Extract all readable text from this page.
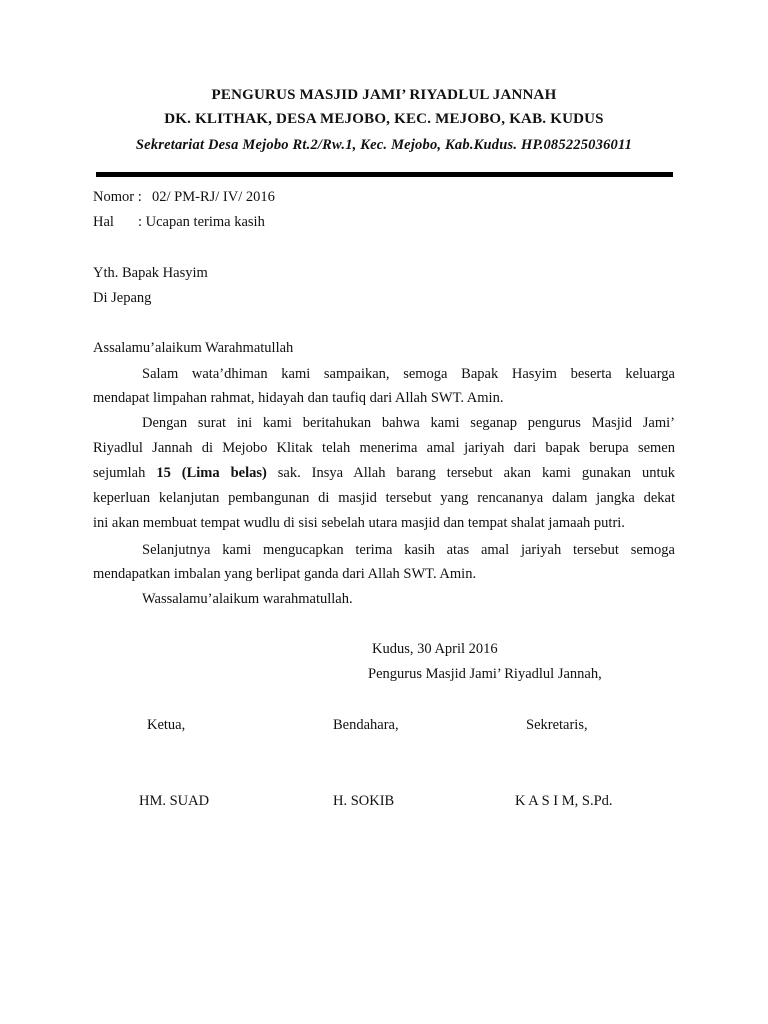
PENGURUS MASJID JAMI’ RIYADLUL JANNAH
DK. KLITHAK, DESA MEJOBO, KEC. MEJOBO, KAB. KUDUS
Sekretariat Desa Mejobo Rt.2/Rw.1, Kec. Mejobo, Kab.Kudus. HP.085225036011
Nomor : 02/ PM-RJ/ IV/ 2016
Hal : Ucapan terima kasih
Yth. Bapak Hasyim
Di Jepang
Assalamu’alaikum Warahmatullah
Salam wata’dhiman kami sampaikan, semoga Bapak Hasyim beserta keluarga
mendapat limpahan rahmat, hidayah dan taufiq dari Allah SWT. Amin.
Dengan surat ini kami beritahukan bahwa kami seganap pengurus Masjid Jami’
Riyadlul Jannah di Mejobo Klitak telah menerima amal jariyah dari bapak berupa semen
sejumlah 15 (Lima belas) sak. Insya Allah barang tersebut akan kami gunakan untuk
keperluan kelanjutan pembangunan di masjid tersebut yang rencananya dalam jangka dekat
ini akan membuat tempat wudlu di sisi sebelah utara masjid dan tempat shalat jamaah putri.
Selanjutnya kami mengucapkan terima kasih atas amal jariyah tersebut semoga
mendapatkan imbalan yang berlipat ganda dari Allah SWT. Amin.
Wassalamu’alaikum warahmatullah.
Kudus, 30 April 2016
Pengurus Masjid Jami’ Riyadlul Jannah,
Ketua,	Bendahara,	Sekretaris,
HM. SUAD	H. SOKIB	K A S I M, S.Pd.
